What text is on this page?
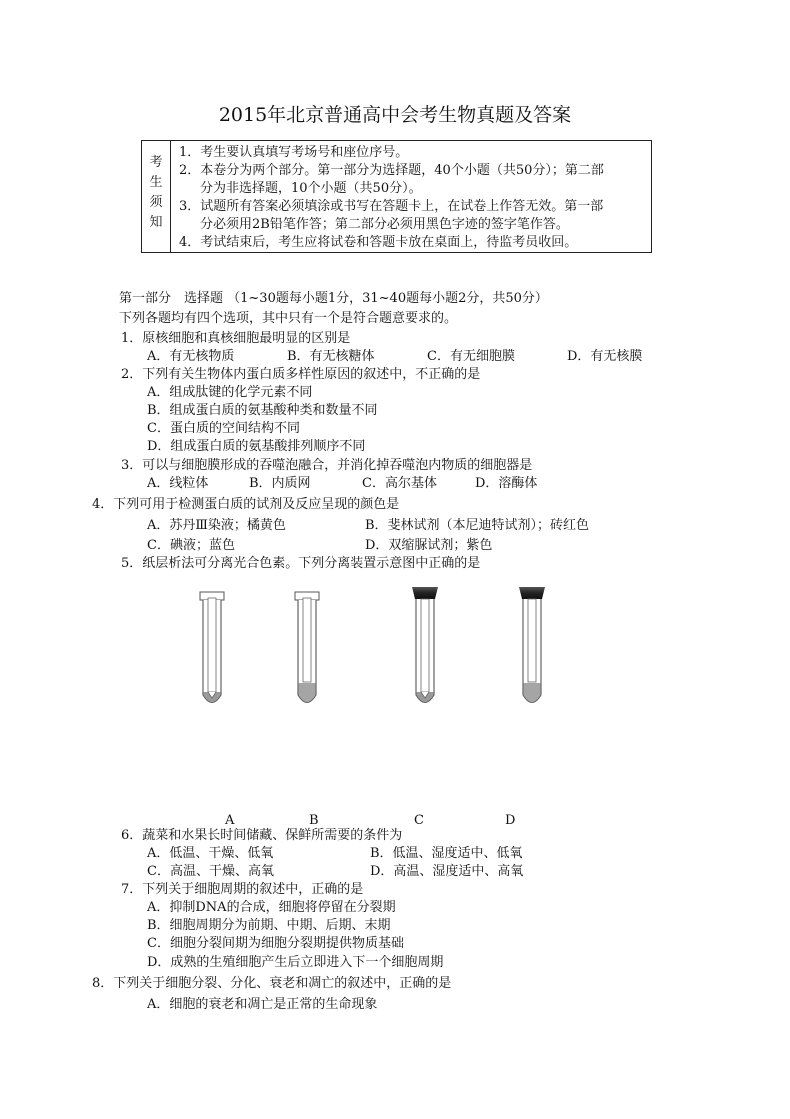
2015年北京普通高中会考生物真题及答案
考
生
须
知

1．考生要认真填写考场号和座位序号。
2．本卷分为两个部分。第一部分为选择题，40个小题（共50分）；第二部
分为非选择题，10个小题（共50分）。
3．试题所有答案必须填涂或书写在答题卡上，在试卷上作答无效。第一部
分必须用2B铅笔作答；第二部分必须用黑色字迹的签字笔作答。
4．考试结束后，考生应将试卷和答题卡放在桌面上，待监考员收回。
第一部分　选择题 （1~30题每小题1分，31~40题每小题2分，共50分）
下列各题均有四个选项，其中只有一个是符合题意要求的。
1．原核细胞和真核细胞最明显的区别是
A．有无核物质	B．有无核糖体	C．有无细胞膜	D．有无核膜
2．下列有关生物体内蛋白质多样性原因的叙述中，不正确的是
A．组成肽键的化学元素不同
B．组成蛋白质的氨基酸种类和数量不同
C．蛋白质的空间结构不同
D．组成蛋白质的氨基酸排列顺序不同
3．可以与细胞膜形成的吞噬泡融合，并消化掉吞噬泡内物质的细胞器是
A．线粒体	B．内质网	C．高尔基体	D．溶酶体
4．下列可用于检测蛋白质的试剂及反应呈现的颜色是
A．苏丹Ⅲ染液；橘黄色	B．斐林试剂（本尼迪特试剂）；砖红色
C．碘液；蓝色	D．双缩脲试剂；紫色
5．纸层析法可分离光合色素。下列分离装置示意图中正确的是
A	B	C	D
6．蔬菜和水果长时间储藏、保鲜所需要的条件为
A．低温、干燥、低氧	B．低温、湿度适中、低氧
C．高温、干燥、高氧	D．高温、湿度适中、高氧
7．下列关于细胞周期的叙述中，正确的是
A．抑制DNA的合成，细胞将停留在分裂期
B．细胞周期分为前期、中期、后期、末期
C．细胞分裂间期为细胞分裂期提供物质基础
D．成熟的生殖细胞产生后立即进入下一个细胞周期
8．下列关于细胞分裂、分化、衰老和凋亡的叙述中，正确的是
A．细胞的衰老和凋亡是正常的生命现象
